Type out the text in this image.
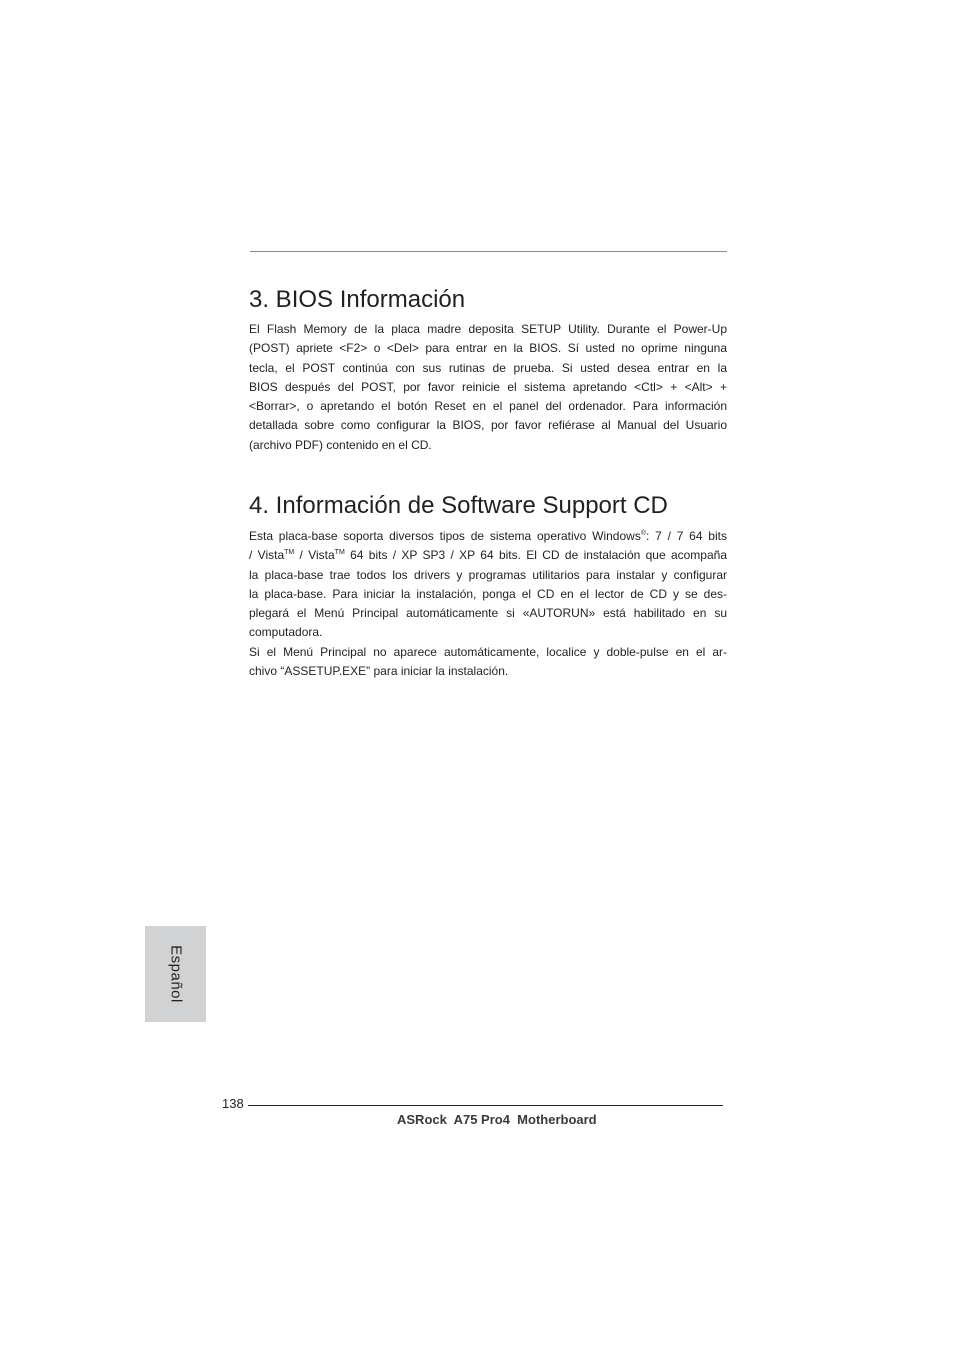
3. BIOS Información
El Flash Memory de la placa madre deposita SETUP Utility. Durante el Power-Up
(POST) apriete <F2> o <Del> para entrar en la BIOS. Sí usted no oprime ninguna
tecla, el POST continúa con sus rutinas de prueba. Si usted desea entrar en la
BIOS después del POST, por favor reinicie el sistema apretando <Ctl> + <Alt> +
<Borrar>, o apretando el botón Reset en el panel del ordenador. Para información
detallada sobre como configurar la BIOS, por favor refiérase al Manual del Usuario
(archivo PDF) contenido en el CD.
4. Información de Software Support CD
Esta placa-base soporta diversos tipos de sistema operativo Windows®: 7 / 7 64 bits
/ Vista™ / Vista™ 64 bits / XP SP3 / XP 64 bits. El CD de instalación que acompaña
la placa-base trae todos los drivers y programas utilitarios para instalar y configurar
la placa-base. Para iniciar la instalación, ponga el CD en el lector de CD y se des-
plegará el Menú Principal automáticamente si «AUTORUN» está habilitado en su
computadora.
Si el Menú Principal no aparece automáticamente, localice y doble-pulse en el ar-
chivo “ASSETUP.EXE” para iniciar la instalación.
Español
138
ASRock  A75 Pro4  Motherboard
